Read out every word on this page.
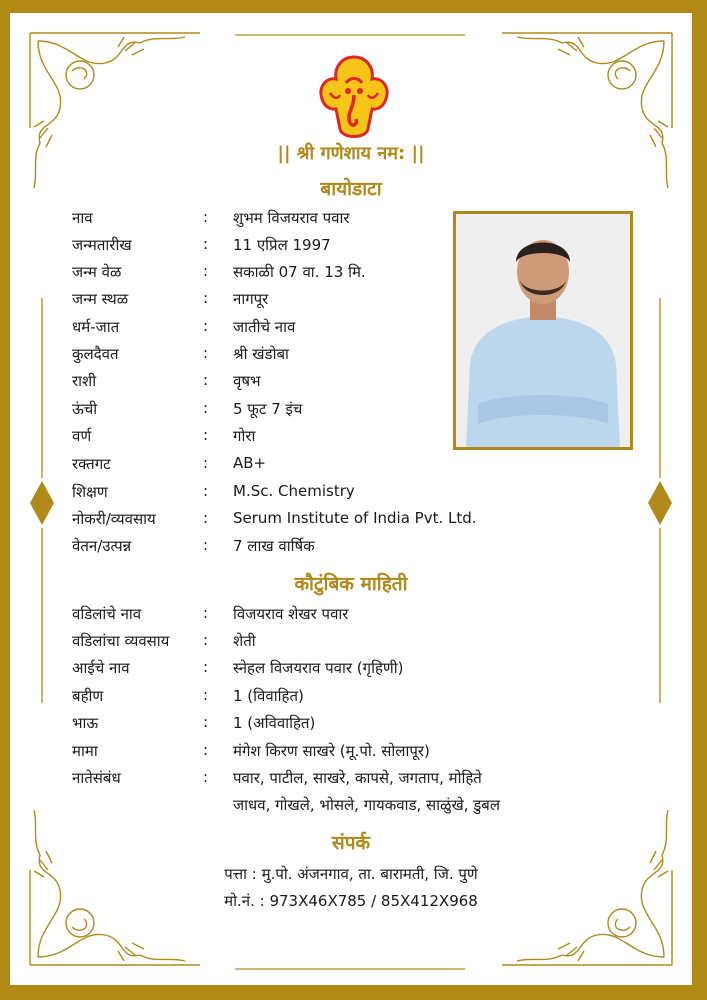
|| श्री गणेशाय नम: ||
बायोडाटा
नाव	: शुभम विजयराव पवार
जन्मतारीख	: 11 एप्रिल 1997
जन्म वेळ	: सकाळी 07 वा. 13 मि.
जन्म स्थळ	: नागपूर
धर्म-जात	: जातीचे नाव
कुलदैवत	: श्री खंडोबा
राशी	: वृषभ
ऊंची	: 5 फूट 7 इंच
वर्ण	: गोरा
रक्तगट	: AB+
शिक्षण	: M.Sc. Chemistry
नोकरी/व्यवसाय	: Serum Institute of India Pvt. Ltd.
वेतन/उत्पन्न	: 7 लाख वार्षिक
कौटुंबिक माहिती
वडिलांचे नाव	: विजयराव शेखर पवार
वडिलांचा व्यवसाय : शेती
आईचे नाव	: स्नेहल विजयराव पवार (गृहिणी)
बहीण	: 1 (विवाहित)
भाऊ	: 1 (अविवाहित)
मामा	: मंगेश किरण साखरे (मू.पो. सोलापूर)
नातेसंबंध	: पवार, पाटील, साखरे, कापसे, जगताप, मोहिते
जाधव, गोखले, भोसले, गायकवाड, साळुंखे, डुबल
संपर्क
पत्ता : मु.पो. अंजनगाव, ता. बारामती, जि. पुणे
मो.नं. : 973X46X785 / 85X412X968
